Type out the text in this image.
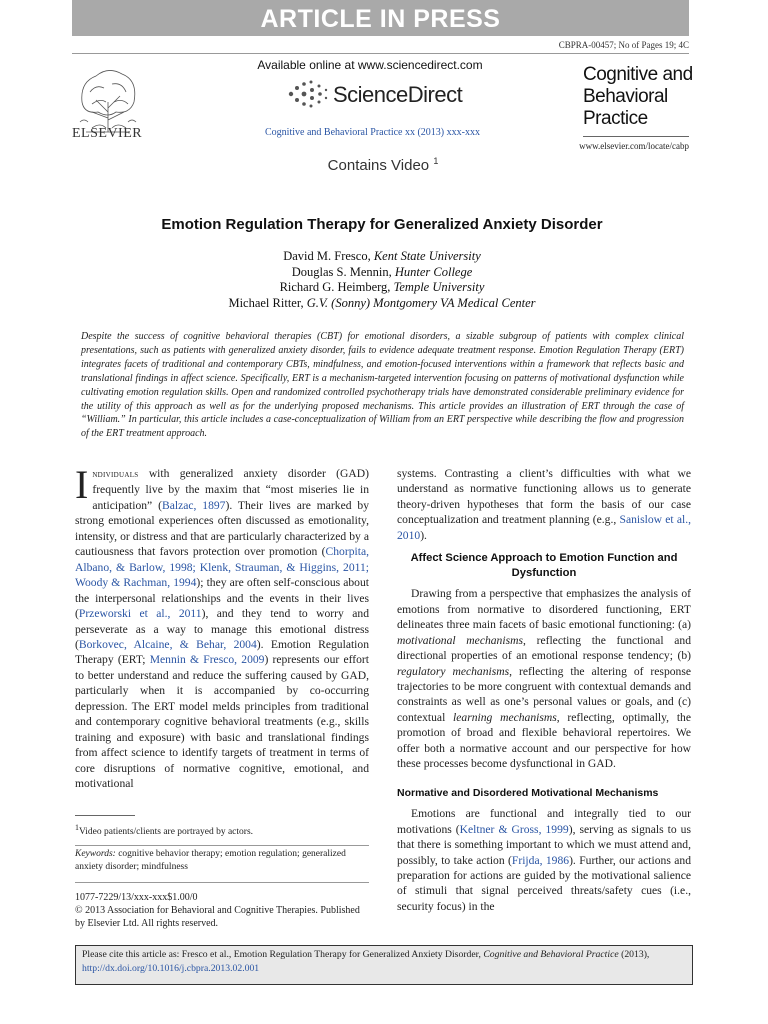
ARTICLE IN PRESS
CBPRA-00457; No of Pages 19; 4C
ELSEVIER
Available online at www.sciencedirect.com
ScienceDirect
Cognitive and Behavioral Practice xx (2013) xxx-xxx
Cognitive and
Behavioral
Practice
www.elsevier.com/locate/cabp
Contains Video $^1$
Emotion Regulation Therapy for Generalized Anxiety Disorder
David M. Fresco, Kent State University
Douglas S. Mennin, Hunter College
Richard G. Heimberg, Temple University
Michael Ritter, G.V. (Sonny) Montgomery VA Medical Center
Despite the success of cognitive behavioral therapies (CBT) for emotional disorders, a sizable subgroup of patients with complex clinical presentations, such as patients with generalized anxiety disorder, fails to evidence adequate treatment response. Emotion Regulation Therapy (ERT) integrates facets of traditional and contemporary CBTs, mindfulness, and emotion-focused interventions within a framework that reflects basic and translational findings in affect science. Specifically, ERT is a mechanism-targeted intervention focusing on patterns of motivational dysfunction while cultivating emotion regulation skills. Open and randomized controlled psychotherapy trials have demonstrated considerable preliminary evidence for the utility of this approach as well as for the underlying proposed mechanisms. This article provides an illustration of ERT through the case of “William.” In particular, this article includes a case-conceptualization of William from an ERT perspective while describing the flow and progression of the ERT treatment approach.

Individuals with generalized anxiety disorder (GAD) frequently live by the maxim that “most miseries lie in anticipation” (Balzac, 1897). Their lives are marked by strong emotional experiences often discussed as emotionality, intensity, or distress and that are particularly characterized by a cautiousness that favors protection over promotion (Chorpita, Albano, & Barlow, 1998; Klenk, Strauman, & Higgins, 2011; Woody & Rachman, 1994); they are often self-conscious about the interpersonal relationships and the events in their lives (Przeworski et al., 2011), and they tend to worry and perseverate as a way to manage this emotional distress (Borkovec, Alcaine, & Behar, 2004). Emotion Regulation Therapy (ERT; Mennin & Fresco, 2009) represents our effort to better understand and reduce the suffering caused by GAD, particularly when it is accompanied by co-occurring depression. The ERT model melds principles from traditional and contemporary cognitive behavioral treatments (e.g., skills training and exposure) with basic and translational findings from affect science to identify targets of treatment in terms of core disruptions of normative cognitive, emotional, and motivational

$^1$Video patients/clients are portrayed by actors.
Keywords: cognitive behavior therapy; emotion regulation; generalized anxiety disorder; mindfulness
1077-7229/13/xxx-xxx$1.00/0
© 2013 Association for Behavioral and Cognitive Therapies. Published by Elsevier Ltd. All rights reserved.

systems. Contrasting a client’s difficulties with what we understand as normative functioning allows us to generate theory-driven hypotheses that form the basis of our case conceptualization and treatment planning (e.g., Sanislow et al., 2010).

Affect Science Approach to Emotion Function and Dysfunction

Drawing from a perspective that emphasizes the analysis of emotions from normative to disordered functioning, ERT delineates three main facets of basic emotional functioning: (a) motivational mechanisms, reflecting the functional and directional properties of an emotional response tendency; (b) regulatory mechanisms, reflecting the altering of response trajectories to be more congruent with contextual demands and constraints as well as one’s personal values or goals, and (c) contextual learning mechanisms, reflecting, optimally, the promotion of broad and flexible behavioral repertoires. We offer both a normative account and our perspective for how these processes become dysfunctional in GAD.

Normative and Disordered Motivational Mechanisms

Emotions are functional and integrally tied to our motivations (Keltner & Gross, 1999), serving as signals to us that there is something important to which we must attend and, possibly, to take action (Frijda, 1986). Further, our actions and preparation for actions are guided by the motivational salience of stimuli that signal perceived threats/safety cues (i.e., security focus) in the

Please cite this article as: Fresco et al., Emotion Regulation Therapy for Generalized Anxiety Disorder, Cognitive and Behavioral Practice (2013), http://dx.doi.org/10.1016/j.cbpra.2013.02.001
